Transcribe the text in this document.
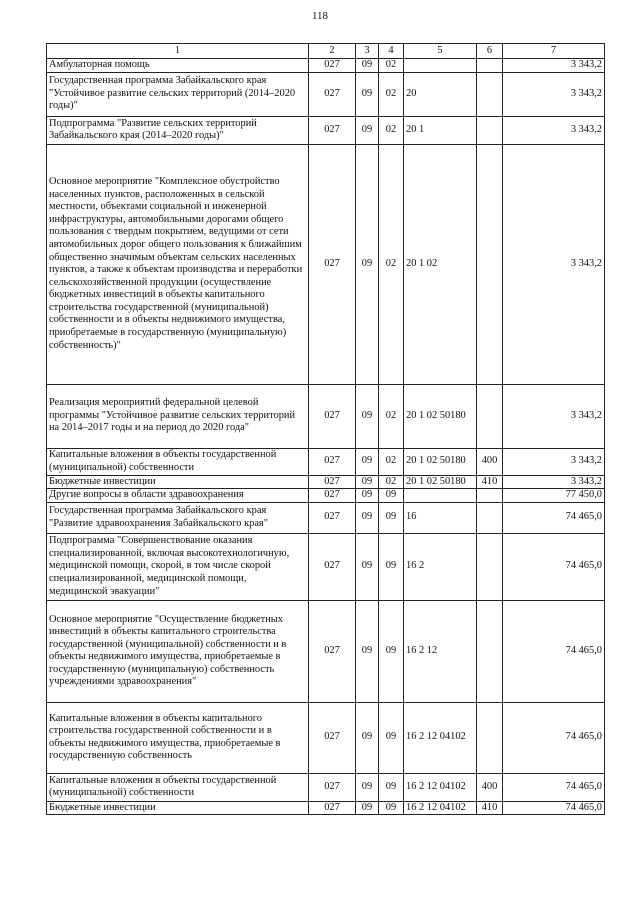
118
1	2	3	4	5	6	7
Амбулаторная помощь	027	09	02			3 343,2
Государственная программа Забайкальского края "Устойчивое развитие сельских территорий (2014–2020 годы)"	027	09	02	20		3 343,2
Подпрограмма "Развитие сельских территорий Забайкальского края (2014–2020 годы)"	027	09	02	20 1		3 343,2
Основное мероприятие "Комплексное обустройство населенных пунктов, расположенных в сельской местности, объектами социальной и инженерной инфраструктуры, автомобильными дорогами общего пользования с твердым покрытием, ведущими от сети автомобильных дорог общего пользования к ближайшим общественно значимым объектам сельских населенных пунктов, а также к объектам производства и переработки сельскохозяйственной продукции (осуществление бюджетных инвестиций в объекты капитального строительства государственной (муниципальной) собственности и в объекты недвижимого имущества, приобретаемые в государственную (муниципальную) собственность)"	027	09	02	20 1 02		3 343,2
Реализация мероприятий федеральной целевой программы "Устойчивое развитие сельских территорий на 2014–2017 годы и на период до 2020 года"	027	09	02	20 1 02 50180		3 343,2
Капитальные вложения в объекты государственной (муниципальной) собственности	027	09	02	20 1 02 50180	400	3 343,2
Бюджетные инвестиции	027	09	02	20 1 02 50180	410	3 343,2
Другие вопросы в области здравоохранения	027	09	09			77 450,0
Государственная программа Забайкальского края "Развитие здравоохранения Забайкальского края"	027	09	09	16		74 465,0
Подпрограмма "Совершенствование оказания специализированной, включая высокотехнологичную, медицинской помощи, скорой, в том числе скорой специализированной, медицинской помощи, медицинской эвакуации"	027	09	09	16 2		74 465,0
Основное мероприятие "Осуществление бюджетных инвестиций в объекты капитального строительства государственной (муниципальной) собственности и в объекты недвижимого имущества, приобретаемые в государственную (муниципальную) собственность учреждениями здравоохранения"	027	09	09	16 2 12		74 465,0
Капитальные вложения в объекты капитального строительства государственной собственности и в объекты недвижимого имущества, приобретаемые в государственную собственность	027	09	09	16 2 12 04102		74 465,0
Капитальные вложения в объекты государственной (муниципальной) собственности	027	09	09	16 2 12 04102	400	74 465,0
Бюджетные инвестиции	027	09	09	16 2 12 04102	410	74 465,0
